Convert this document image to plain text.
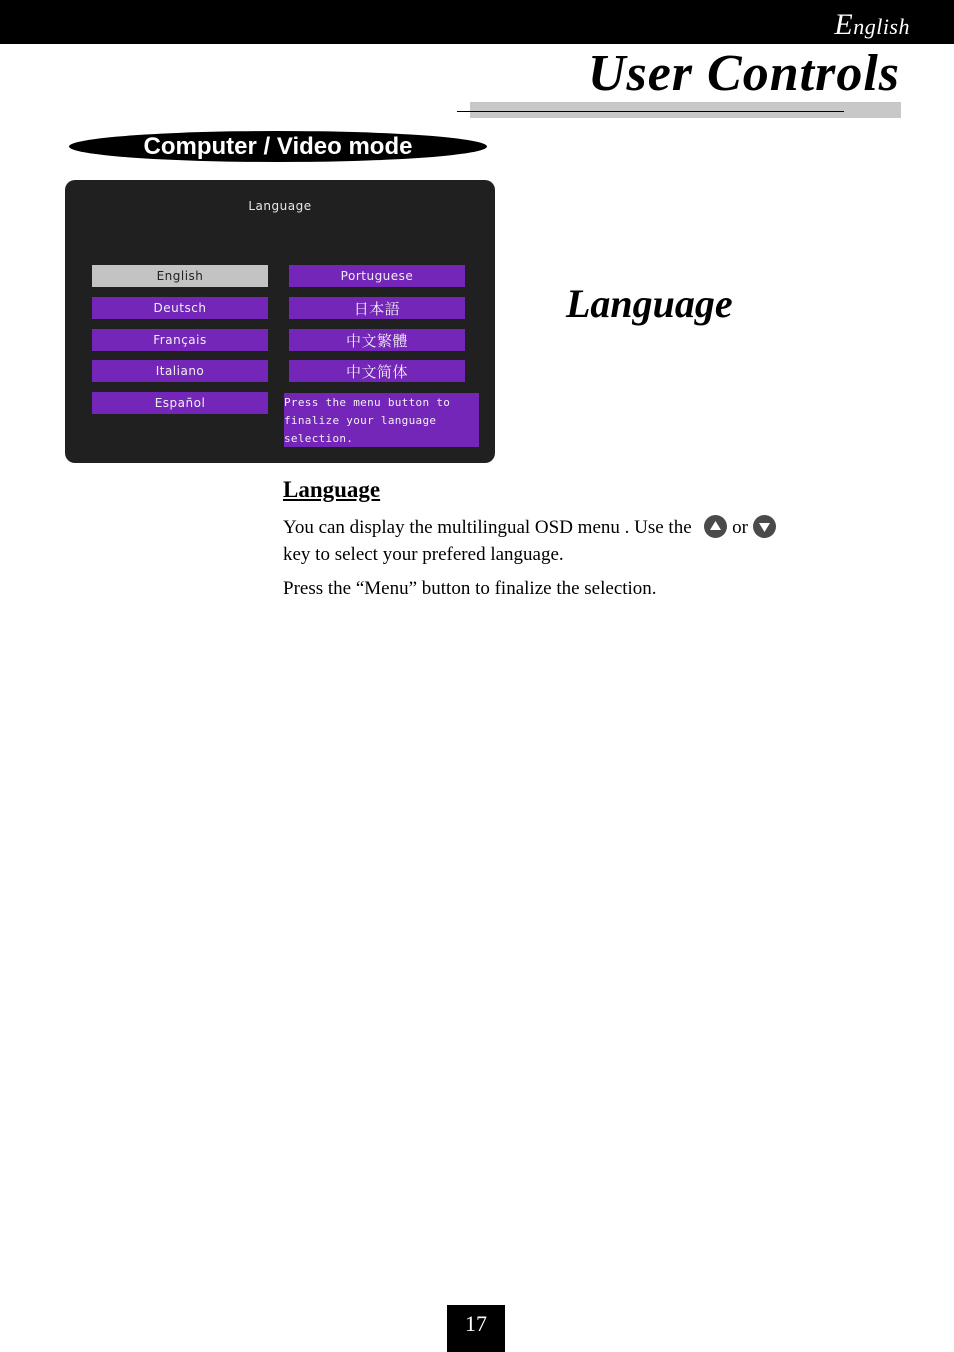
English
User Controls
Computer / Video mode
Language
English
Deutsch
Français
Italiano
Español
Portuguese
日本語
中文繁體
中文简体
Press the menu button to
finalize your language
selection.
Language
Language
You can display the multilingual OSD menu . Use the or
key to select your prefered language.
Press the “Menu” button to finalize the selection.
17
